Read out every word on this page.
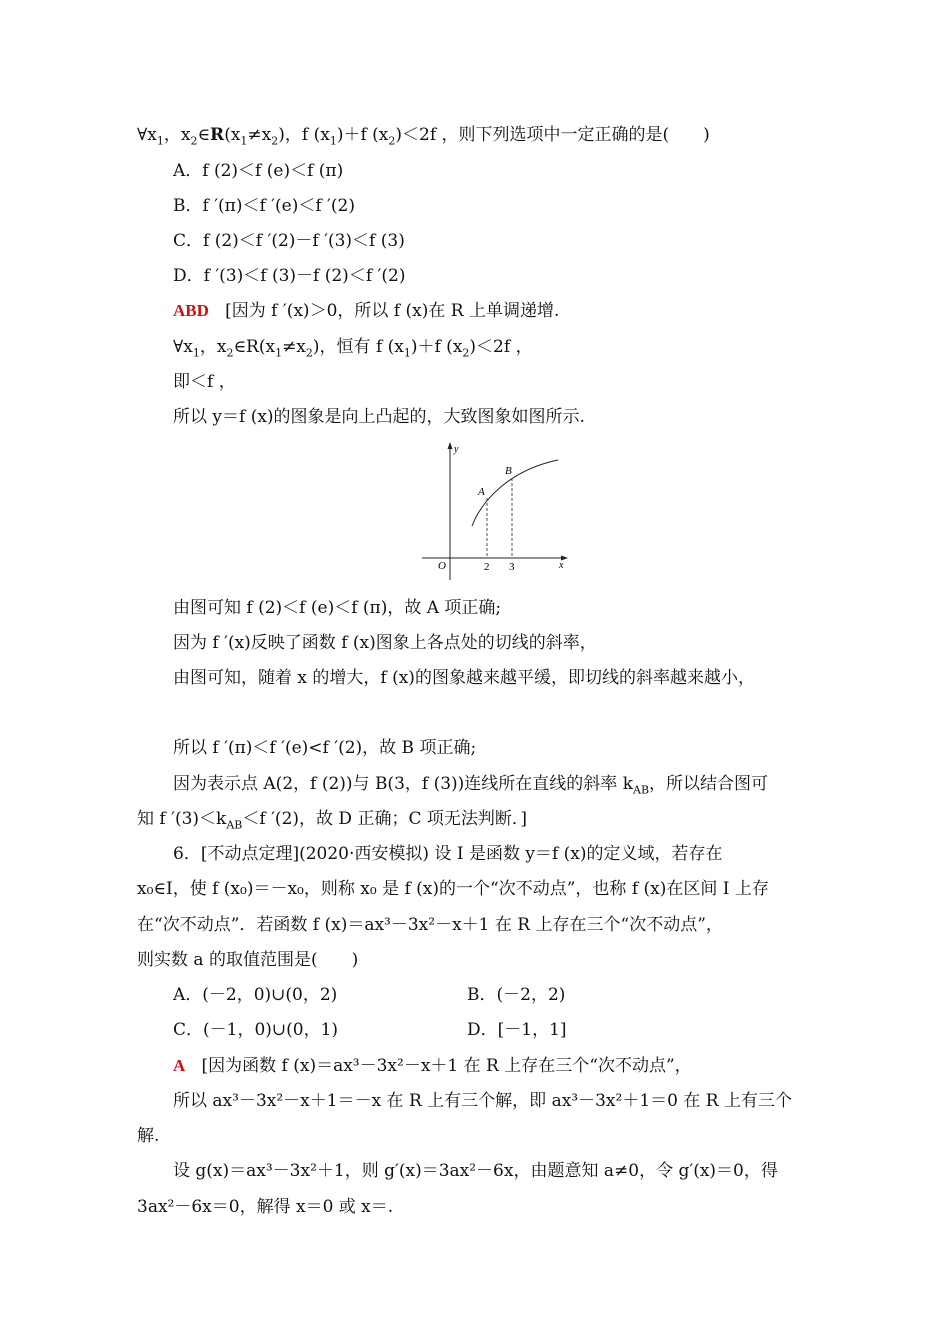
$\forall x_1$，$x_2\in R(x_1\ne x_2)$，f $(x_1)+f$ $(x_2)<2f$ ，则下列选项中一定正确的是(　　)
A．f (2)＜f (e)＜f (π)
B．f ′(π)＜f ′(e)＜f ′(2)
C．f (2)＜f ′(2)－f ′(3)＜f (3)
D．f ′(3)＜f (3)－f (2)＜f ′(2)
ABD [因为 f ′(x)＞0，所以 f (x)在 R 上单调递增.
$\forall x_1$，$x_2\in R(x_1\ne x_2)$，恒有 f $(x_1)+f$ $(x_2)<2f$ ，
即＜f ，
所以 y＝f (x)的图象是向上凸起的，大致图象如图所示.
y
x
O
A
B
2 3
由图可知 f (2)＜f (e)＜f (π)，故 A 项正确;
因为 f ′(x)反映了函数 f (x)图象上各点处的切线的斜率，
由图可知，随着 x 的增大，f (x)的图象越来越平缓，即切线的斜率越来越小，
所以 f ′(π)＜f ′(e)<f ′(2)，故 B 项正确;
因为表示点 A(2，f (2))与 B(3，f (3))连线所在直线的斜率 $k_{AB}$，所以结合图可
知 f $'(3)<k_{AB}<f$ ′(2)，故 D 正确；C 项无法判断．]
6．[不动点定理](2020·西安模拟) 设 I 是函数 y＝f (x)的定义域，若存在
x₀∈I，使 f (x₀)＝－x₀，则称 x₀ 是 f (x)的一个“次不动点”，也称 f (x)在区间 I 上存
在“次不动点”．若函数 f (x)＝ax³－3x²－x＋1 在 R 上存在三个“次不动点”，
则实数 a 的取值范围是(　　)
A．(－2，0)∪(0，2)	B．(－2，2)
C．(－1，0)∪(0，1)	D．[－1，1]
A [因为函数 f (x)＝ax³－3x²－x＋1 在 R 上存在三个“次不动点”，
所以 ax³－3x²－x＋1＝－x 在 R 上有三个解，即 ax³－3x²＋1＝0 在 R 上有三个
解.
设 g(x)＝ax³－3x²＋1，则 g′(x)＝3ax²－6x，由题意知 a≠0，令 g′(x)＝0，得
3ax²－6x＝0，解得 x＝0 或 x＝.
